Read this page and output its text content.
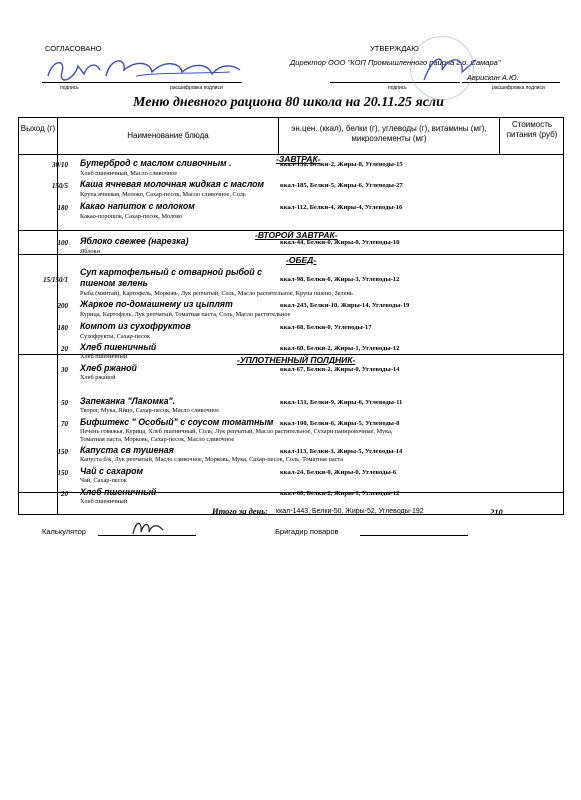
СОГЛАСОВАНО
подпись	расшифровка подписи
УТВЕРЖДАЮ
Директор ООО "КОП Промышленного района г.о. Самара"
Аврискин А.Ю.
подпись	расшифровка подписи
Меню дневного рациона 80 школа на 20.11.25 ясли
Выход (г)
Наименование блюда
эн.цен. (ккал), белки (г), углеводы (г), витамины (мг), микроэлементы (мг)
Стоимость питания (руб)
-ЗАВТРАК-
-ВТОРОЙ ЗАВТРАК-
-ОБЕД-
-УПЛОТНЕННЫЙ ПОЛДНИК-
30/10 Бутерброд с маслом сливочным .
Хлеб пшеничный, Масло сливочное
ккал-136, Белки-2, Жиры-8, Углеводы-15
150/5 Каша ячневая молочная жидкая с маслом
Крупа ячневая, Молоко, Сахар-песок, Масло сливочное, Соль
ккал-185, Белки-5, Жиры-6, Углеводы-27
180 Какао напиток с молоком
Какао-порошок, Сахар-песок, Молоко
ккал-112, Белки-4, Жиры-4, Углеводы-16
100 Яблоко свежее (нарезка)
Яблоки
ккал-44, Белки-0, Жиры-0, Углеводы-10
15/150/1
Суп картофельный с отварной рыбой с
пшеном зелень
Рыба (минтай), Картофель, Морковь, Лук репчатый, Соль, Масло растительное, Крупа пшено, Зелень
ккал-98, Белки-6, Жиры-3, Углеводы-12
200 Жаркое по-домашнему из цыплят
Курица, Картофель, Лук репчатый, Томатная паста, Соль, Масло растительное
ккал-243, Белки-10, Жиры-14, Углеводы-19
180 Компот из сухофруктов
Сухофрукты, Сахар-песок
ккал-68, Белки-0, Углеводы-17
20 Хлеб пшеничный
Хлеб пшеничный
ккал-60, Белки-2, Жиры-1, Углеводы-12
30 Хлеб ржаной
Хлеб ржаной
ккал-67, Белки-2, Жиры-0, Углеводы-14
50 Запеканка "Лакомка".
Творог, Мука, Яйцо, Сахар-песок, Масло сливочное
ккал-131, Белки-9, Жиры-6, Углеводы-11
70 Бифштекс " Особый" с соусом томатным
Печень говяжья, Курица, Хлеб пшеничный, Соль, Лук репчатый, Масло растительное, Сухари панировочные, Мука,
Томатная паста, Морковь, Сахар-песок, Масло сливочное
ккал-100, Белки-6, Жиры-5, Углеводы-8
150 Капуста св тушеная
Капуста б/к, Лук репчатый, Масло сливочное, Морковь, Мука, Сахар-песок, Соль, Томатная паста
ккал-113, Белки-3, Жиры-5, Углеводы-14
150 Чай с сахаром
Чай, Сахар-песок
ккал-24, Белки-0, Жиры-0, Углеводы-6
20 Хлеб пшеничный
Хлеб пшеничный
ккал-60, Белки-2, Жиры-1, Углеводы-12
Итого за день: ккал-1443, Белки-50, Жиры-52, Углеводы-192	210
Калькулятор	Бригадир поваров
